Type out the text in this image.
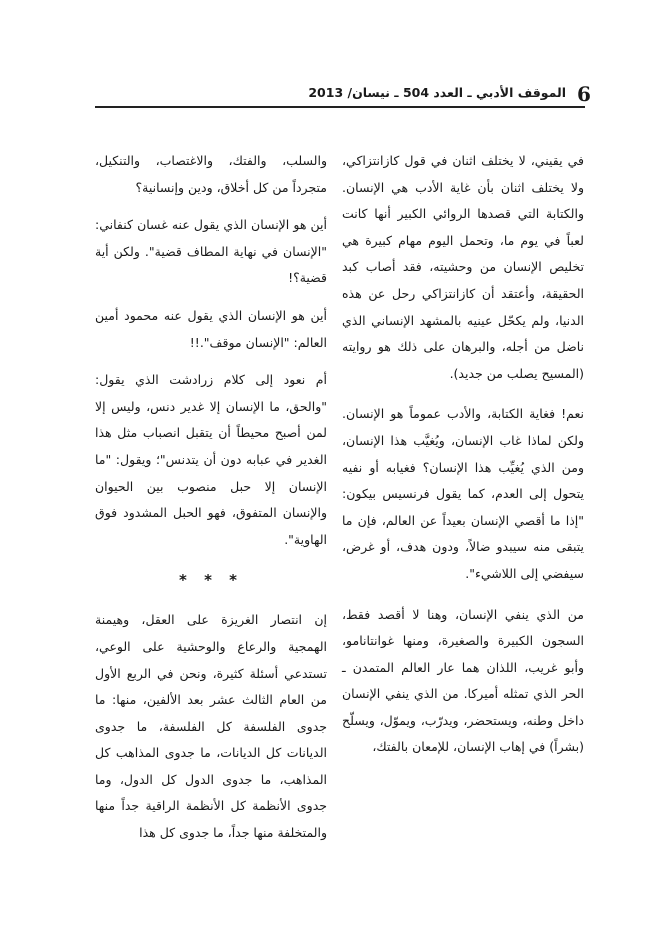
6
الموقف الأدبي ـ العدد 504 ـ نيسان/ 2013

في يقيني، لا يختلف اثنان في قول كازانتزاكي، ولا يختلف اثنان بأن غاية الأدب هي الإنسان. والكتابة التي قصدها الروائي الكبير أنها كانت لعباً في يوم ما، وتحمل اليوم مهام كبيرة هي تخليص الإنسان من وحشيته، فقد أصاب كبد الحقيقة، وأعتقد أن كازانتزاكي رحل عن هذه الدنيا، ولم يكحّل عينيه بالمشهد الإنساني الذي ناضل من أجله، والبرهان على ذلك هو روايته (المسيح يصلب من جديد).

نعم! فغاية الكتابة، والأدب عموماً هو الإنسان. ولكن لماذا غاب الإنسان، ويُغيَّب هذا الإنسان، ومن الذي يُغيِّب هذا الإنسان؟ فغيابه أو نفيه يتحول إلى العدم، كما يقول فرنسيس بيكون: "إذا ما أقصي الإنسان بعيداً عن العالم، فإن ما يتبقى منه سيبدو ضالاً، ودون هدف، أو غرض، سيفضي إلى اللاشيء".

من الذي ينفي الإنسان، وهنا لا أقصد فقط، السجون الكبيرة والصغيرة، ومنها غوانتانامو، وأبو غريب، اللذان هما عار العالم المتمدن ـ الحر الذي تمثله أميركا. من الذي ينفي الإنسان داخل وطنه، ويستحضر، ويدرّب، ويموّل، ويسلّح (بشراً) في إهاب الإنسان، للإمعان بالفتك،

والسلب، والفتك، والاغتصاب، والتنكيل، متجرداً من كل أخلاق، ودين وإنسانية؟

أين هو الإنسان الذي يقول عنه غسان كنفاني: "الإنسان في نهاية المطاف قضية". ولكن أية قضية؟!

أين هو الإنسان الذي يقول عنه محمود أمين العالم: "الإنسان موقف".!!

أم نعود إلى كلام زرادشت الذي يقول: "والحق، ما الإنسان إلا غدير دنس، وليس إلا لمن أصبح محيطاً أن يتقبل انصباب مثل هذا الغدير في عبابه دون أن يتدنس"؛ ويقول: "ما الإنسان إلا حبل منصوب بين الحيوان والإنسان المتفوق، فهو الحبل المشدود فوق الهاوية".

* * *

إن انتصار الغريزة على العقل، وهيمنة الهمجية والرعاع والوحشية على الوعي، تستدعي أسئلة كثيرة، ونحن في الربع الأول من العام الثالث عشر بعد الألفين، منها: ما جدوى الفلسفة كل الفلسفة، ما جدوى الديانات كل الديانات، ما جدوى المذاهب كل المذاهب، ما جدوى الدول كل الدول، وما جدوى الأنظمة كل الأنظمة الراقية جداً منها والمتخلفة منها جداً، ما جدوى كل هذا
